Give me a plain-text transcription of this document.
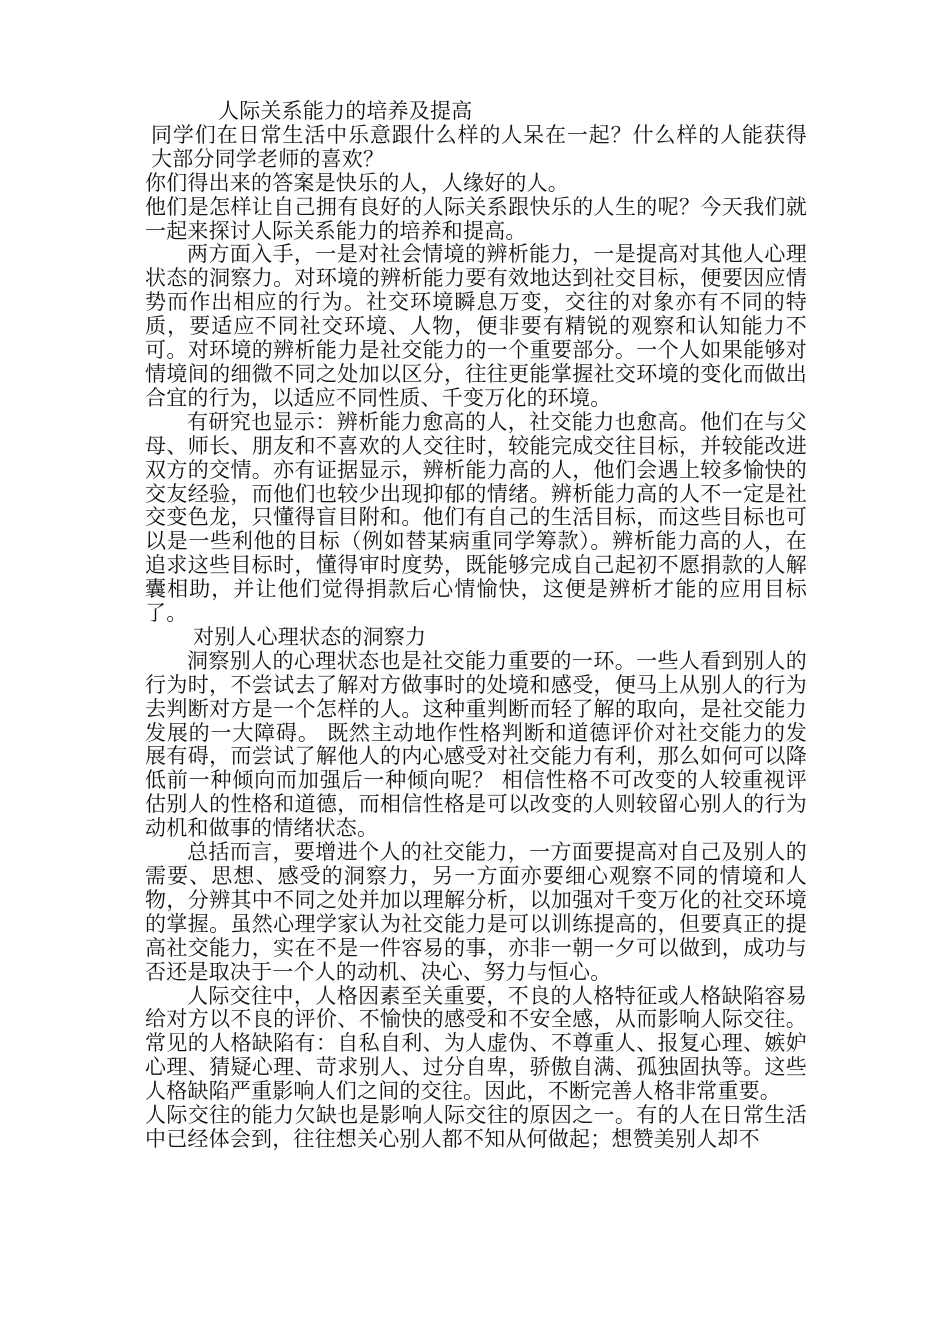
人际关系能力的培养及提高

同学们在日常生活中乐意跟什么样的人呆在一起？什么样的人能获得大部分同学老师的喜欢？

你们得出来的答案是快乐的人，人缘好的人。

他们是怎样让自己拥有良好的人际关系跟快乐的人生的呢？今天我们就一起来探讨人际关系能力的培养和提高。

两方面入手，一是对社会情境的辨析能力，一是提高对其他人心理状态的洞察力。对环境的辨析能力要有效地达到社交目标，便要因应情势而作出相应的行为。社交环境瞬息万变，交往的对象亦有不同的特质，要适应不同社交环境、人物，便非要有精锐的观察和认知能力不可。对环境的辨析能力是社交能力的一个重要部分。一个人如果能够对情境间的细微不同之处加以区分，往往更能掌握社交环境的变化而做出合宜的行为，以适应不同性质、千变万化的环境。

有研究也显示：辨析能力愈高的人，社交能力也愈高。他们在与父母、师长、朋友和不喜欢的人交往时，较能完成交往目标，并较能改进双方的交情。亦有证据显示，辨析能力高的人，他们会遇上较多愉快的交友经验，而他们也较少出现抑郁的情绪。辨析能力高的人不一定是社交变色龙，只懂得盲目附和。他们有自己的生活目标，而这些目标也可以是一些利他的目标（例如替某病重同学筹款）。辨析能力高的人，在追求这些目标时，懂得审时度势，既能够完成自己起初不愿捐款的人解囊相助，并让他们觉得捐款后心情愉快，这便是辨析才能的应用目标了。

对别人心理状态的洞察力

洞察别人的心理状态也是社交能力重要的一环。一些人看到别人的行为时，不尝试去了解对方做事时的处境和感受，便马上从别人的行为去判断对方是一个怎样的人。这种重判断而轻了解的取向，是社交能力发展的一大障碍。 既然主动地作性格判断和道德评价对社交能力的发展有碍，而尝试了解他人的内心感受对社交能力有利，那么如何可以降低前一种倾向而加强后一种倾向呢？ 相信性格不可改变的人较重视评估别人的性格和道德，而相信性格是可以改变的人则较留心别人的行为动机和做事的情绪状态。

总括而言，要增进个人的社交能力，一方面要提高对自己及别人的需要、思想、感受的洞察力，另一方面亦要细心观察不同的情境和人物，分辨其中不同之处并加以理解分析，以加强对千变万化的社交环境的掌握。虽然心理学家认为社交能力是可以训练提高的，但要真正的提高社交能力，实在不是一件容易的事，亦非一朝一夕可以做到，成功与否还是取决于一个人的动机、决心、努力与恒心。

人际交往中，人格因素至关重要，不良的人格特征或人格缺陷容易给对方以不良的评价、不愉快的感受和不安全感，从而影响人际交往。常见的人格缺陷有：自私自利、为人虚伪、不尊重人、报复心理、嫉妒心理、猜疑心理、苛求别人、过分自卑，骄傲自满、孤独固执等。这些人格缺陷严重影响人们之间的交往。因此，不断完善人格非常重要。

人际交往的能力欠缺也是影响人际交往的原因之一。有的人在日常生活中已经体会到，往往想关心别人都不知从何做起；想赞美别人却不
